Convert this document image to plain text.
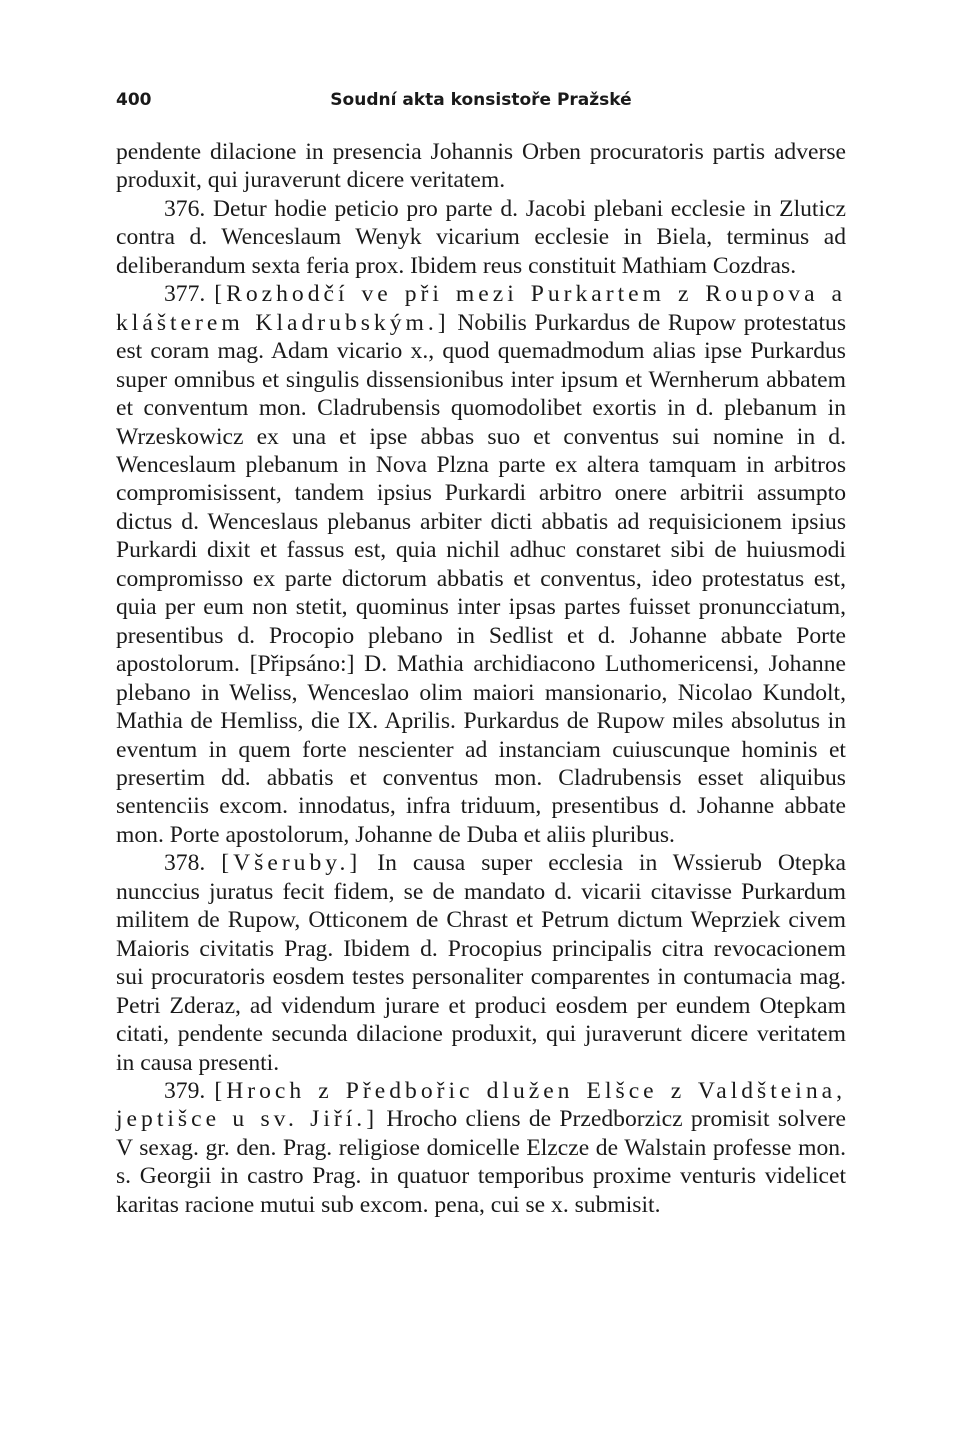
400	Soudní akta konsistoře Pražské

pendente dilacione in presencia Johannis Orben procuratoris partis adverse produxit, qui juraverunt dicere veritatem.

376. Detur hodie peticio pro parte d. Jacobi plebani ecclesie in Zluticz contra d. Wenceslaum Wenyk vicarium ecclesie in Biela, terminus ad deliberandum sexta feria prox. Ibidem reus constituit Mathiam Cozdras.

377. [Rozhodčí ve při mezi Purkartem z Roupova a klášterem Kladrubským.] Nobilis Purkardus de Rupow protestatus est coram mag. Adam vicario x., quod quemadmodum alias ipse Purkardus super omnibus et singulis dissensionibus inter ipsum et Wernherum abbatem et conventum mon. Cladrubensis quomodolibet exortis in d. plebanum in Wrzeskowicz ex una et ipse abbas suo et conventus sui nomine in d. Wenceslaum plebanum in Nova Plzna parte ex altera tamquam in arbitros compromisissent, tandem ipsius Purkardi arbitro onere arbitrii assumpto dictus d. Wenceslaus plebanus arbiter dicti abbatis ad requisicionem ipsius Purkardi dixit et fassus est, quia nichil adhuc constaret sibi de huiusmodi compromisso ex parte dictorum abbatis et conventus, ideo protestatus est, quia per eum non stetit, quominus inter ipsas partes fuisset pronuncciatum, presentibus d. Procopio plebano in Sedlist et d. Johanne abbate Porte apostolorum. [Připsáno:] D. Mathia archidiacono Luthomericensi, Johanne plebano in Weliss, Wenceslao olim maiori mansionario, Nicolao Kundolt, Mathia de Hemliss, die IX. Aprilis. Purkardus de Rupow miles absolutus in eventum in quem forte nescienter ad instanciam cuiuscunque hominis et presertim dd. abbatis et conventus mon. Cladrubensis esset aliquibus sentenciis excom. innodatus, infra triduum, presentibus d. Johanne abbate mon. Porte apostolorum, Johanne de Duba et aliis pluribus.

378. [Všeruby.] In causa super ecclesia in Wssierub Otepka nunccius juratus fecit fidem, se de mandato d. vicarii citavisse Purkardum militem de Rupow, Otticonem de Chrast et Petrum dictum Weprziek civem Maioris civitatis Prag. Ibidem d. Procopius principalis citra revocacionem sui procuratoris eosdem testes personaliter comparentes in contumacia mag. Petri Zderaz, ad videndum jurare et produci eosdem per eundem Otepkam citati, pendente secunda dilacione produxit, qui juraverunt dicere veritatem in causa presenti.

379. [Hroch z Předbořic dlužen Elšce z Valdšteina, jeptišce u sv. Jiří.] Hrocho cliens de Przedborzicz promisit solvere V sexag. gr. den. Prag. religiose domicelle Elzcze de Walstain professe mon. s. Georgii in castro Prag. in quatuor temporibus proxime venturis videlicet karitas racione mutui sub excom. pena, cui se x. submisit.
